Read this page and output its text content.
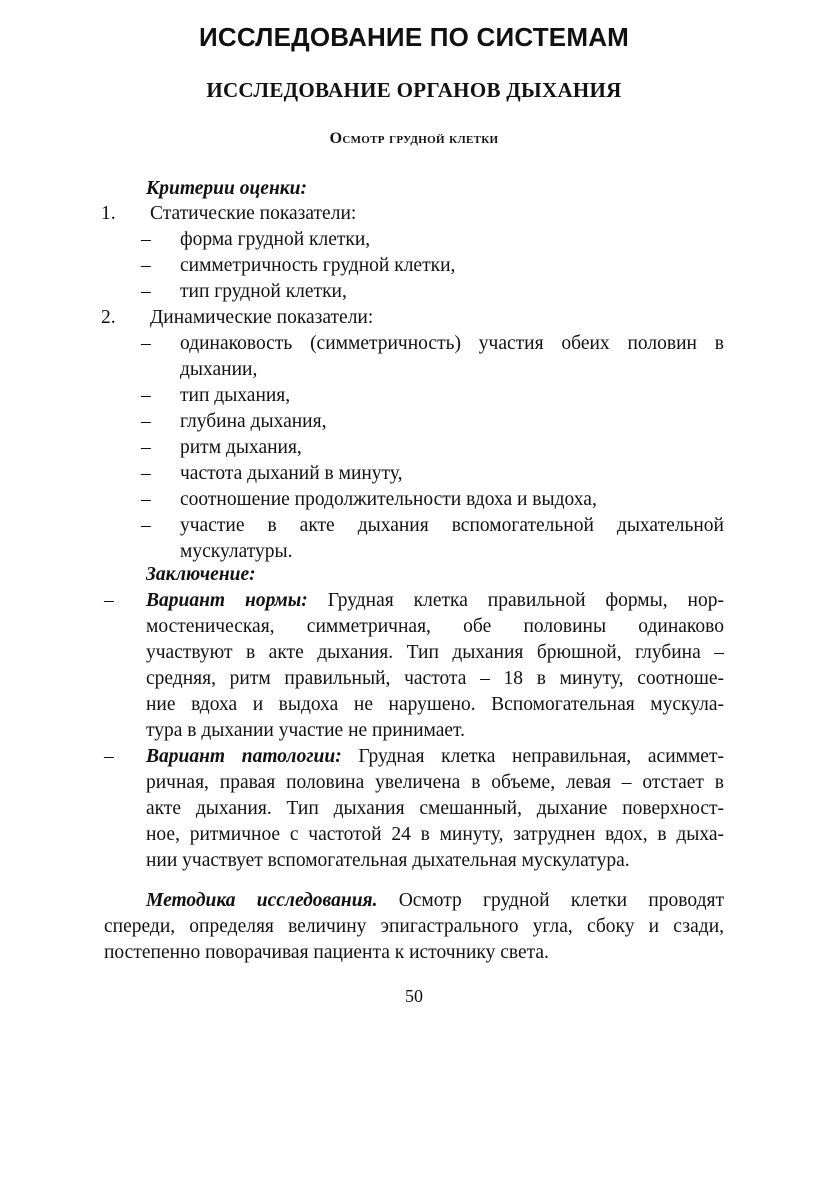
ИССЛЕДОВАНИЕ ПО СИСТЕМАМ
ИССЛЕДОВАНИЕ ОРГАНОВ ДЫХАНИЯ
Осмотр грудной клетки
Критерии оценки:
1. Статические показатели:
– форма грудной клетки,
– симметричность грудной клетки,
– тип грудной клетки,
2. Динамические показатели:
– одинаковость (симметричность) участия обеих половин в
дыхании,
– тип дыхания,
– глубина дыхания,
– ритм дыхания,
– частота дыханий в минуту,
– соотношение продолжительности вдоха и выдоха,
– участие в акте дыхания вспомогательной дыхательной
мускулатуры.
Заключение:
– Вариант нормы: Грудная клетка правильной формы, нор-
мостеническая, симметричная, обе половины одинаково
участвуют в акте дыхания. Тип дыхания брюшной, глубина –
средняя, ритм правильный, частота – 18 в минуту, соотноше-
ние вдоха и выдоха не нарушено. Вспомогательная мускула-
тура в дыхании участие не принимает.
– Вариант патологии: Грудная клетка неправильная, асиммет-
ричная, правая половина увеличена в объеме, левая – отстает в
акте дыхания. Тип дыхания смешанный, дыхание поверхност-
ное, ритмичное с частотой 24 в минуту, затруднен вдох, в дыха-
нии участвует вспомогательная дыхательная мускулатура.
Методика исследования. Осмотр грудной клетки проводят
спереди, определяя величину эпигастрального угла, сбоку и сзади,
постепенно поворачивая пациента к источнику света.
50
